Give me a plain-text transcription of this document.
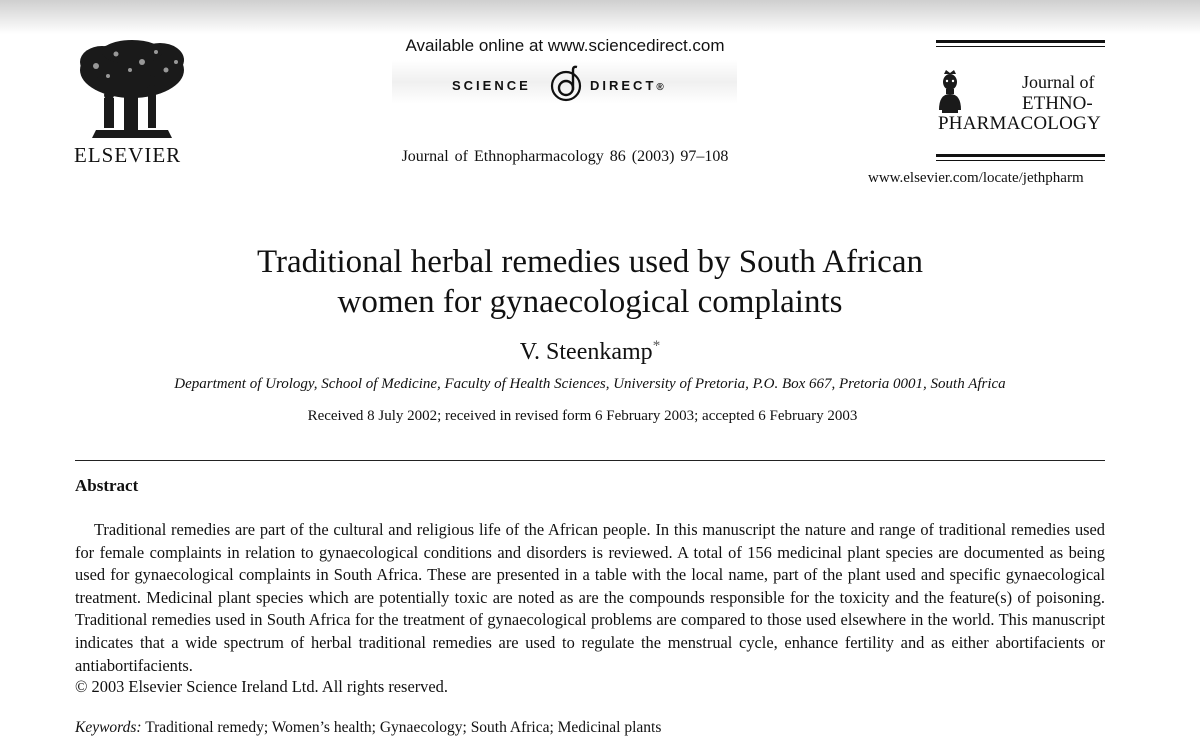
ELSEVIER
Available online at www.sciencedirect.com
SCIENCE	DIRECT®
Journal of Ethnopharmacology 86 (2003) 97–108
Journal of
ETHNO-
PHARMACOLOGY
www.elsevier.com/locate/jethpharm
Traditional herbal remedies used by South African
women for gynaecological complaints
V. Steenkamp*
Department of Urology, School of Medicine, Faculty of Health Sciences, University of Pretoria, P.O. Box 667, Pretoria 0001, South Africa
Received 8 July 2002; received in revised form 6 February 2003; accepted 6 February 2003
Abstract

Traditional remedies are part of the cultural and religious life of the African people. In this manuscript the nature and range of traditional remedies used for female complaints in relation to gynaecological conditions and disorders is reviewed. A total of 156 medicinal plant species are documented as being used for gynaecological complaints in South Africa. These are presented in a table with the local name, part of the plant used and specific gynaecological treatment. Medicinal plant species which are potentially toxic are noted as are the compounds responsible for the toxicity and the feature(s) of poisoning. Traditional remedies used in South Africa for the treatment of gynaecological problems are compared to those used elsewhere in the world. This manuscript indicates that a wide spectrum of herbal traditional remedies are used to regulate the menstrual cycle, enhance fertility and as either abortifacients or antiabortifacients.

© 2003 Elsevier Science Ireland Ltd. All rights reserved.
Keywords: Traditional remedy; Women’s health; Gynaecology; South Africa; Medicinal plants
